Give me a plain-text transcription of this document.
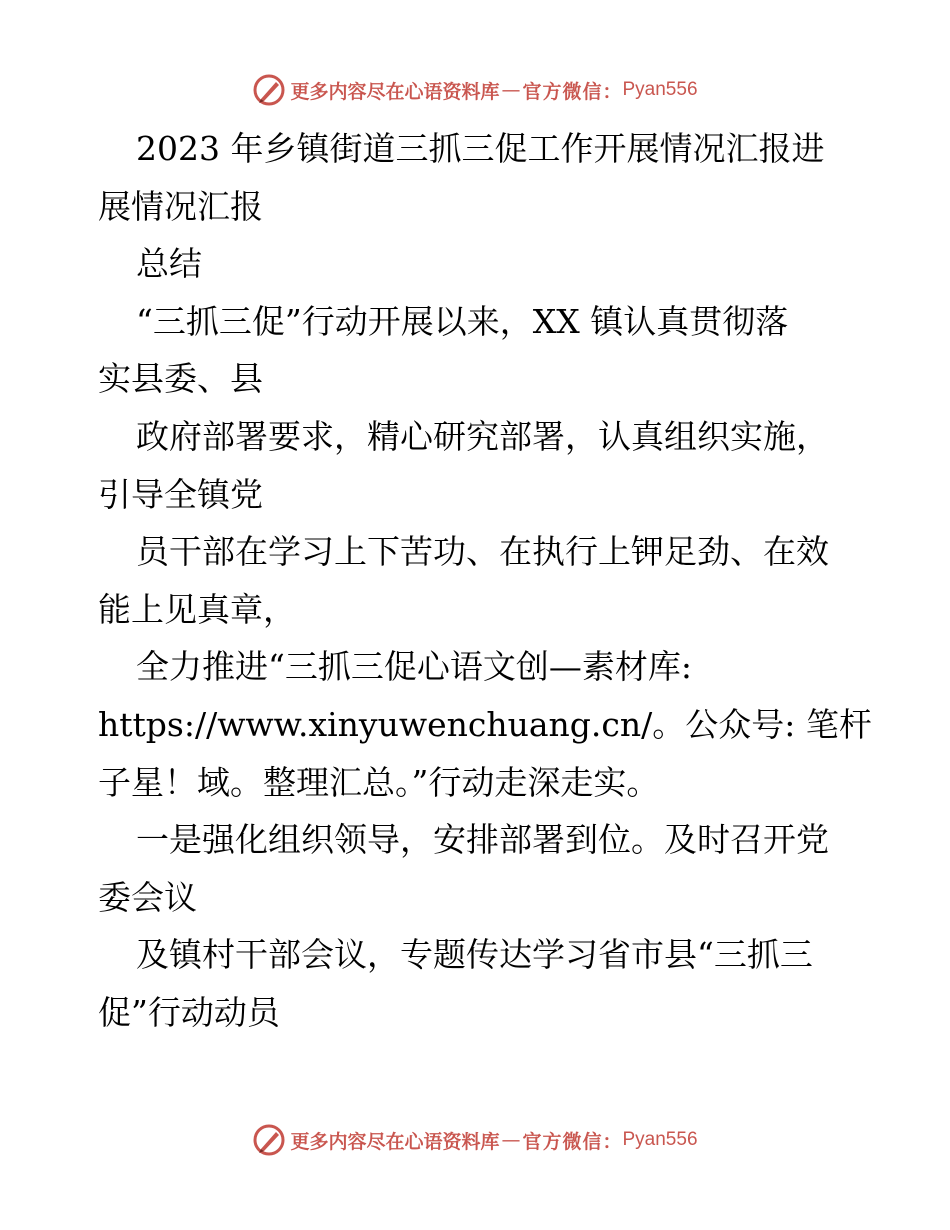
更多内容尽在心语资料库 — 官方微信： Pyan556
2023 年乡镇街道三抓三促工作开展情况汇报进
展情况汇报
总结
“三抓三促”行动开展以来，XX 镇认真贯彻落
实县委、县
政府部署要求，精心研究部署，认真组织实施，
引导全镇党
员干部在学习上下苦功、在执行上钾足劲、在效
能上见真章，
全力推进“三抓三促心语文创—素材库:
https://www.xinyuwenchuang.cn/。公众号: 笔杆
子星！域。整理汇总。”行动走深走实。
一是强化组织领导，安排部署到位。及时召开党
委会议
及镇村干部会议，专题传达学习省市县“三抓三
促”行动动员
更多内容尽在心语资料库 — 官方微信： Pyan556
